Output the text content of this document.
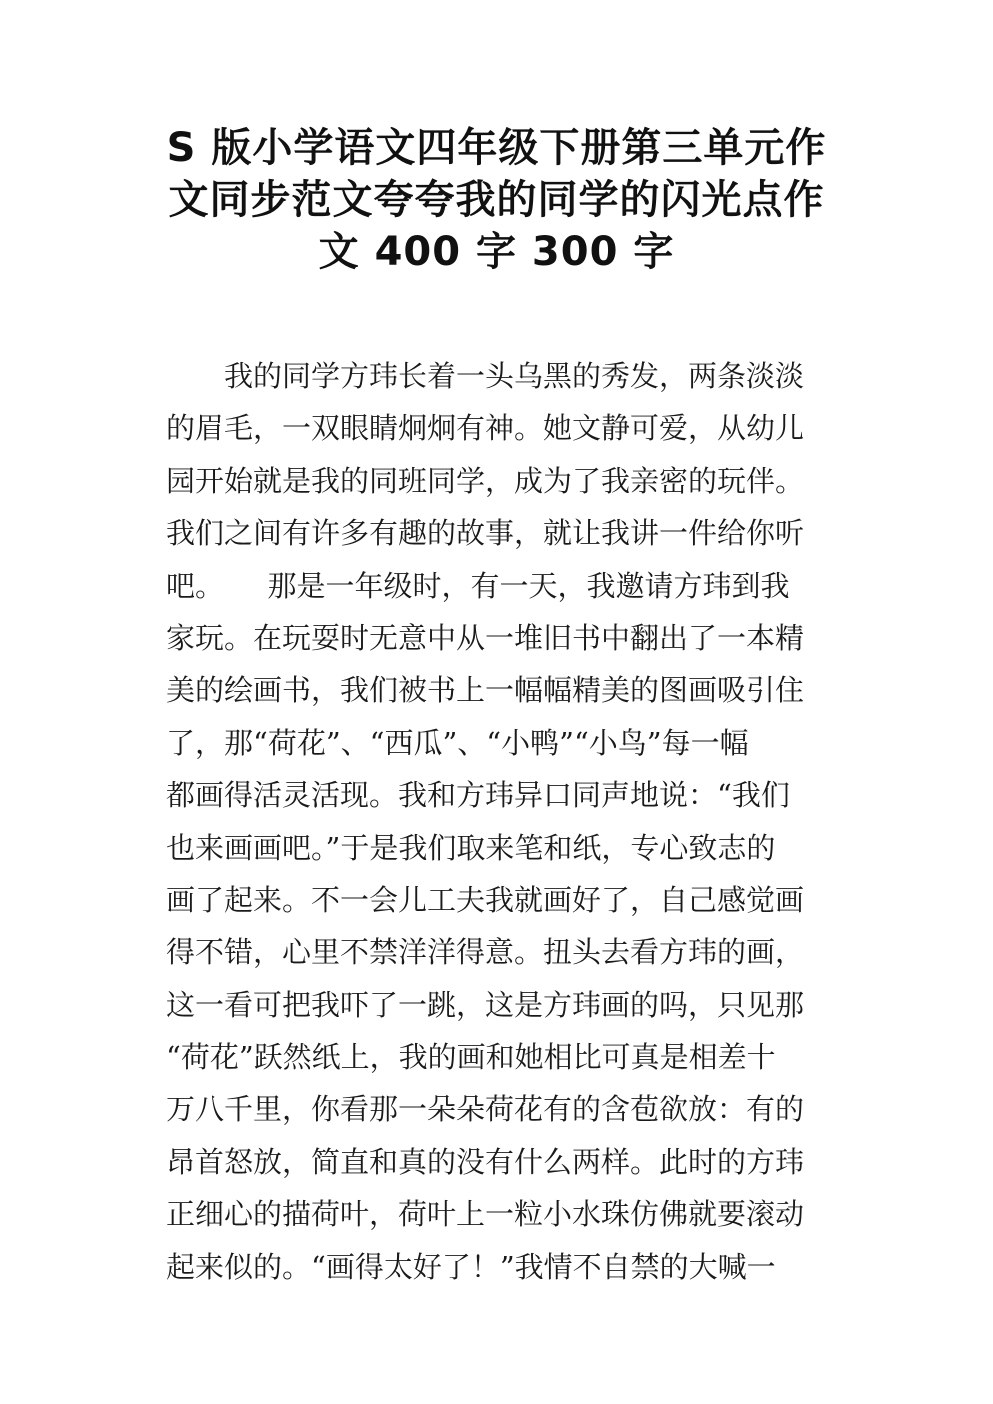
S 版小学语文四年级下册第三单元作
文同步范文夸夸我的同学的闪光点作
文 400 字 300 字
　　我的同学方玮长着一头乌黑的秀发，两条淡淡
的眉毛，一双眼睛炯炯有神。她文静可爱，从幼儿
园开始就是我的同班同学，成为了我亲密的玩伴。
我们之间有许多有趣的故事，就让我讲一件给你听
吧。　　那是一年级时，有一天，我邀请方玮到我
家玩。在玩耍时无意中从一堆旧书中翻出了一本精
美的绘画书，我们被书上一幅幅精美的图画吸引住
了，那“荷花”、“西瓜”、“小鸭”“小鸟”每一幅
都画得活灵活现。我和方玮异口同声地说：“我们
也来画画吧。”于是我们取来笔和纸，专心致志的
画了起来。不一会儿工夫我就画好了，自己感觉画
得不错，心里不禁洋洋得意。扭头去看方玮的画，
这一看可把我吓了一跳，这是方玮画的吗，只见那
“荷花”跃然纸上，我的画和她相比可真是相差十
万八千里，你看那一朵朵荷花有的含苞欲放：有的
昂首怒放，简直和真的没有什么两样。此时的方玮
正细心的描荷叶，荷叶上一粒小水珠仿佛就要滚动
起来似的。“画得太好了！”我情不自禁的大喊一
